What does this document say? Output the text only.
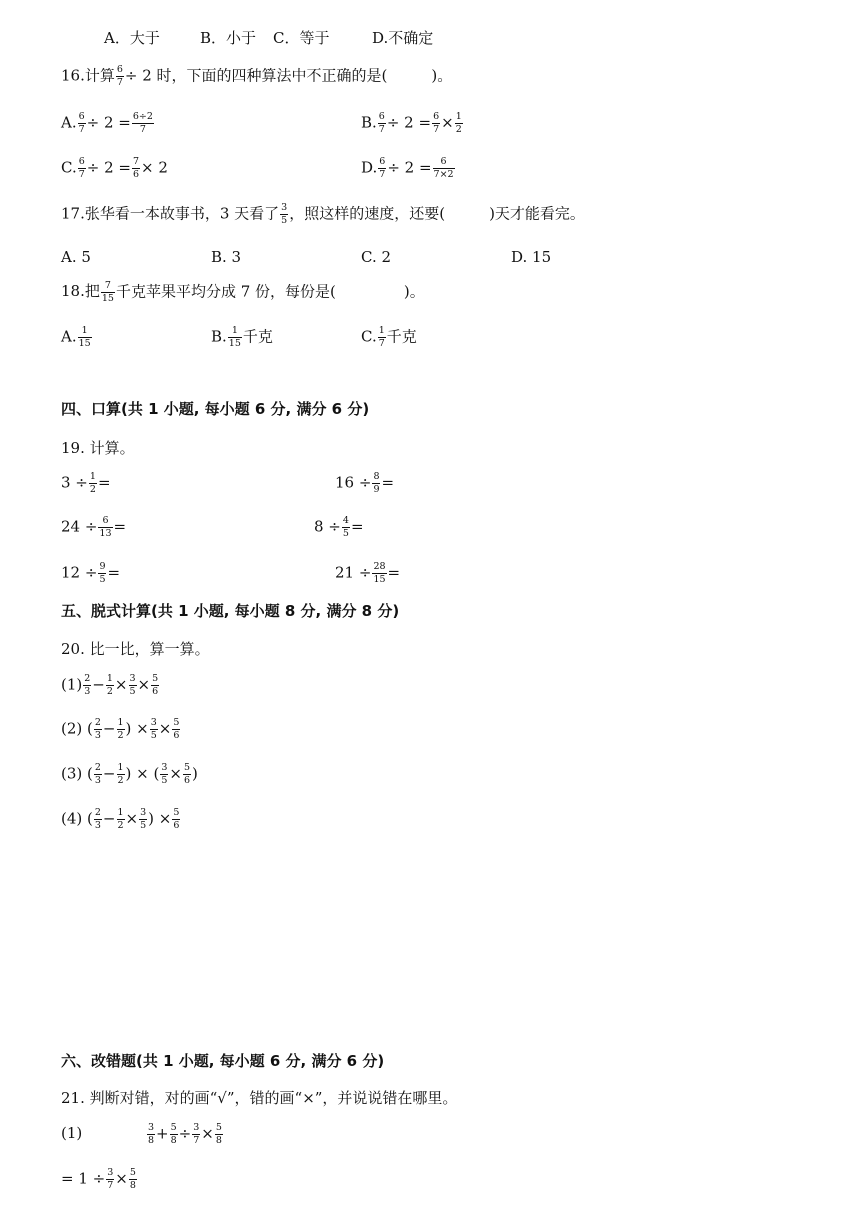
A．大于	B．小于 C．等于	D.不确定
16.计算 $\frac{6}{7} \div 2$ 时，下面的四种算法中不正确的是(	)。
A. $\frac{6}{7} \div 2 = \frac{6\div 2}{7}$	B. $\frac{6}{7} \div 2 = \frac{6}{7} \times \frac{1}{2}$
C. $\frac{6}{7} \div 2 = \frac{7}{6} \times 2$	D. $\frac{6}{7} \div 2 = \frac{6}{7\times 2}$
17.张华看一本故事书，3 天看了 $\frac{3}{5}$ ，照这样的速度，还要(	)天才能看完。
A. 5	B. 3	C. 2	D. 15
18.把 $\frac{7}{15}$ 千克苹果平均分成 7 份，每份是(	)。
A. $\frac{1}{15}$	B. $\frac{1}{15}$ 千克	C. $\frac{1}{7}$ 千克
四、口算(共 1 小题, 每小题 6 分, 满分 6 分)
19. 计算。
$3 \div \frac{1}{2}$ =	$16 \div \frac{8}{9}$ =
$24 \div \frac{6}{13}$ =	$8 \div \frac{4}{5}$ =
$12 \div \frac{9}{5}$ =	$21 \div \frac{28}{15}$ =
五、脱式计算(共 1 小题, 每小题 8 分, 满分 8 分)
20. 比一比，算一算。
$(1) \frac{2}{3} - \frac{1}{2} \times \frac{3}{5} \times \frac{5}{6}$
(2) ( $\frac{2}{3} - \frac{1}{2}$ ) × $\frac{3}{5} \times \frac{5}{6}$
(3) ( $\frac{2}{3} - \frac{1}{2}$ ) × ( $\frac{3}{5} \times \frac{5}{6}$ )
(4) ( $\frac{2}{3} - \frac{1}{2} \times \frac{3}{5}$ ) × $\frac{5}{6}$
六、改错题(共 1 小题, 每小题 6 分, 满分 6 分)
21. 判断对错，对的画“√”，错的画“×”，并说说错在哪里。
(1)	$\frac{3}{8} + \frac{5}{8} \div \frac{3}{7} \times \frac{5}{8}$
= $1 \div \frac{3}{7} \times \frac{5}{8}$
